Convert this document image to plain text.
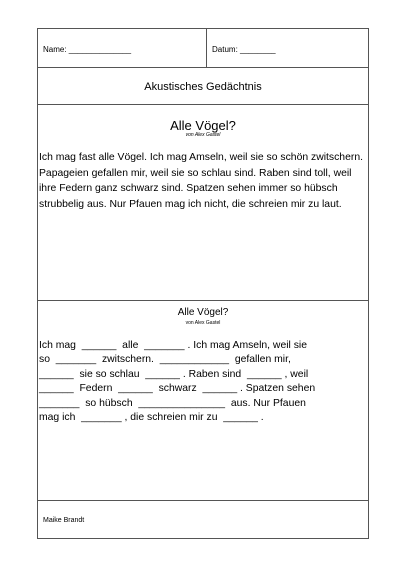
Name: ______________	Datum: ________
Akustisches Gedächtnis
Alle Vögel?
von Alex Gastel

Ich mag fast alle Vögel. Ich mag Amseln, weil sie so schön zwitschern. Papageien gefallen mir, weil sie so schlau sind. Raben sind toll, weil ihre Federn ganz schwarz sind. Spatzen sehen immer so hübsch strubbelig aus. Nur Pfauen mag ich nicht, die schreien mir zu laut.

Alle Vögel?
von Alex Gastel
Ich mag  ______  alle  _______ . Ich mag Amseln, weil sie
so  _______  zwitschern.  ____________  gefallen mir,
______  sie so schlau  ______ . Raben sind  ______ , weil
______  Federn  ______  schwarz  ______ . Spatzen sehen
_______  so hübsch  _______________  aus. Nur Pfauen
mag ich  _______ , die schreien mir zu  ______ .
Maike Brandt
